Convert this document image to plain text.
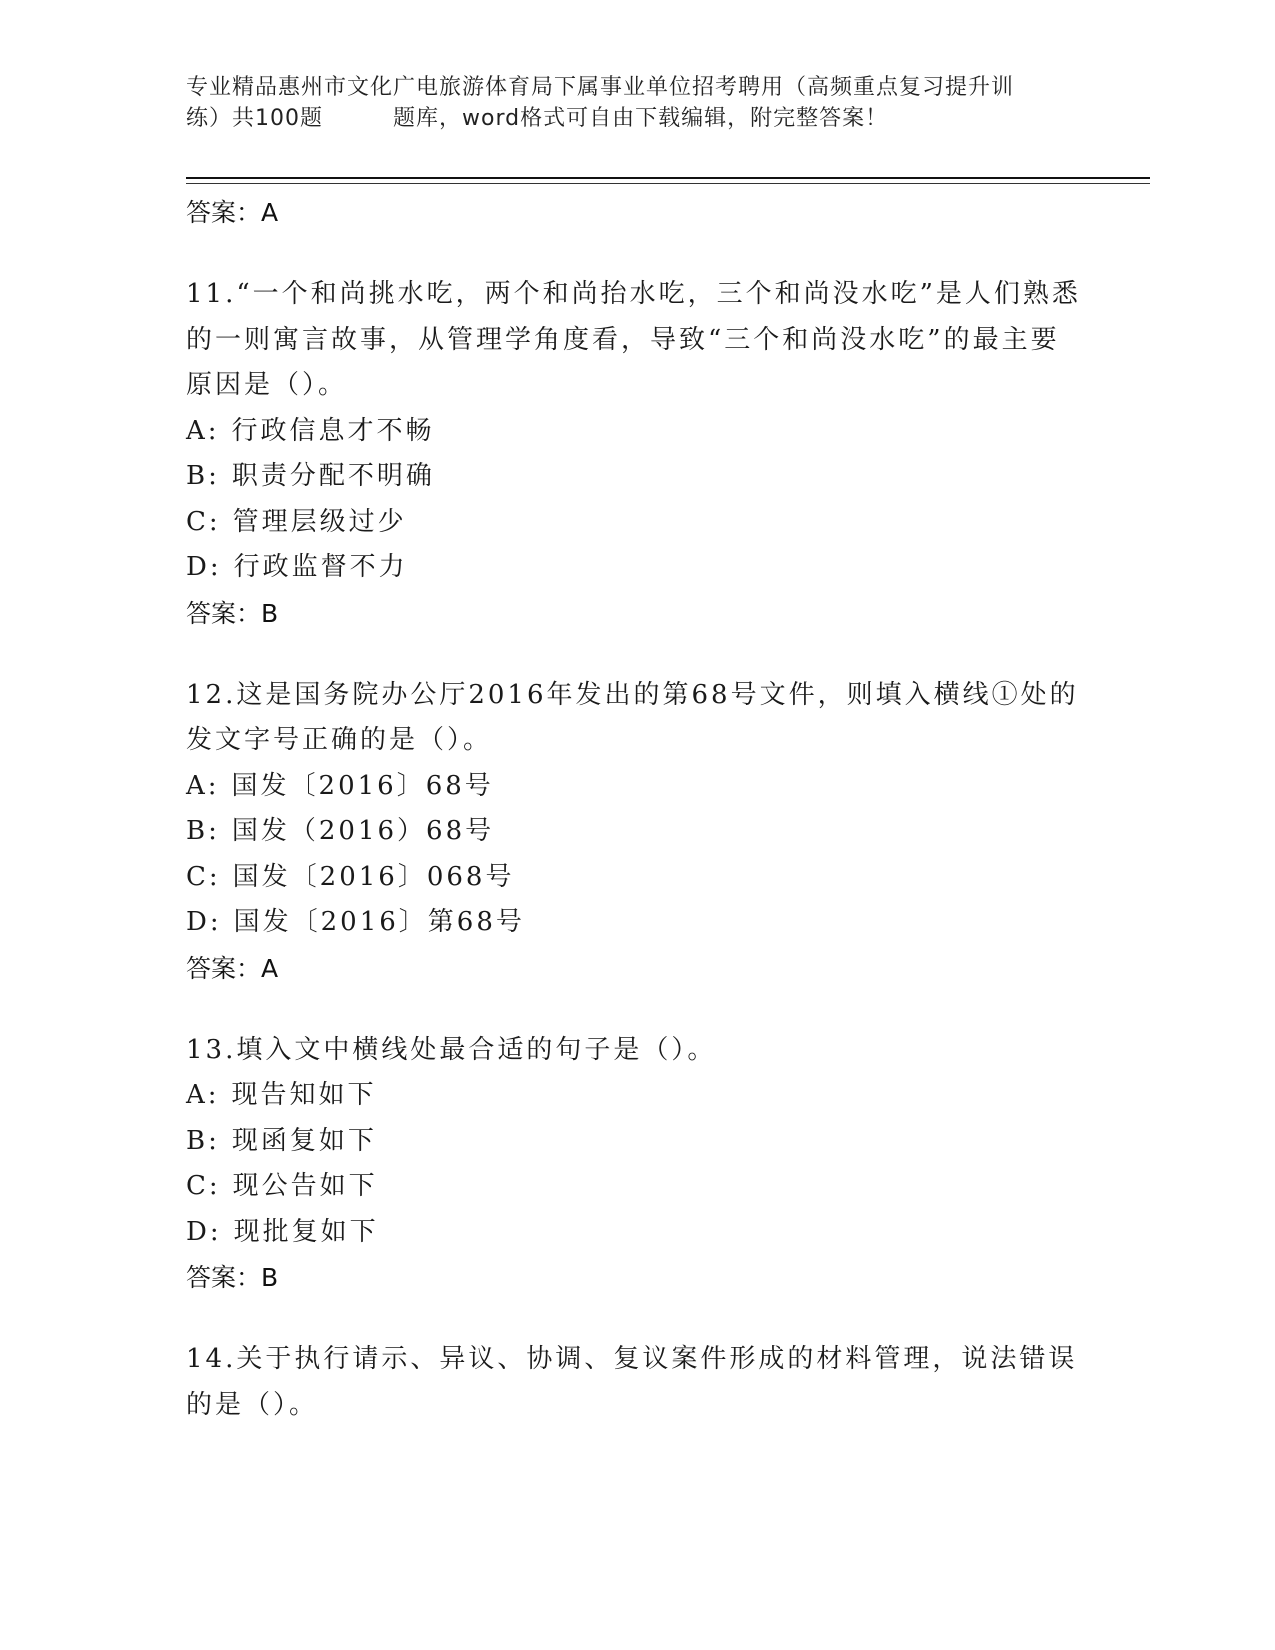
专业精品惠州市文化广电旅游体育局下属事业单位招考聘用（高频重点复习提升训
练）共100题	题库，word格式可自由下载编辑，附完整答案！
答案：A
11.“一个和尚挑水吃，两个和尚抬水吃，三个和尚没水吃”是人们熟悉的一则寓言故事，从管理学角度看，导致“三个和尚没水吃”的最主要原因是（）。
A: 行政信息才不畅
B: 职责分配不明确
C: 管理层级过少
D: 行政监督不力
答案：B
12.这是国务院办公厅2016年发出的第68号文件，则填入横线①处的发文字号正确的是（）。
A: 国发〔2016〕68号
B: 国发（2016）68号
C: 国发〔2016〕068号
D: 国发〔2016〕第68号
答案：A
13.填入文中横线处最合适的句子是（）。
A: 现告知如下
B: 现函复如下
C: 现公告如下
D: 现批复如下
答案：B
14.关于执行请示、异议、协调、复议案件形成的材料管理，说法错误的是（）。
